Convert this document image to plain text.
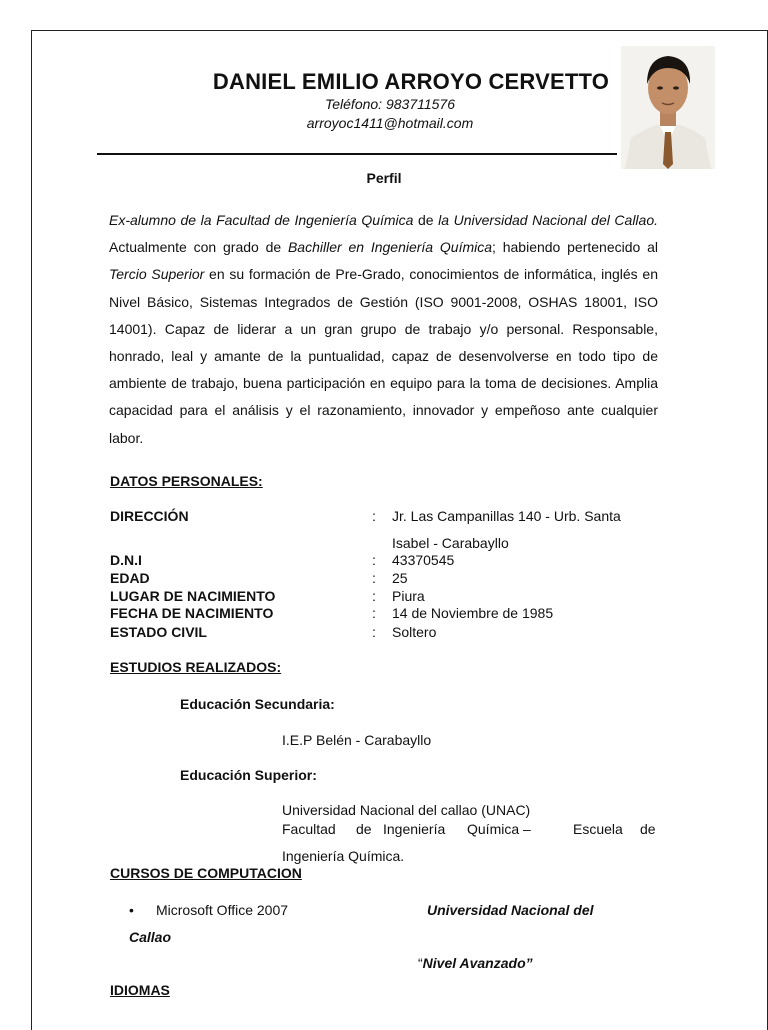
DANIEL EMILIO ARROYO CERVETTO
Teléfono: 983711576
arroyoc1411@hotmail.com
Perfil
Ex-alumno de la Facultad de Ingeniería Química de la Universidad Nacional del Callao. Actualmente con grado de Bachiller en Ingeniería Química; habiendo pertenecido al Tercio Superior en su formación de Pre-Grado, conocimientos de informática, inglés en Nivel Básico, Sistemas Integrados de Gestión (ISO 9001-2008, OSHAS 18001, ISO 14001). Capaz de liderar a un gran grupo de trabajo y/o personal. Responsable, honrado, leal y amante de la puntualidad, capaz de desenvolverse en todo tipo de ambiente de trabajo, buena participación en equipo para la toma de decisiones. Amplia capacidad para el análisis y el razonamiento, innovador y empeñoso ante cualquier labor.
DATOS PERSONALES:
DIRECCIÓN	: Jr. Las Campanillas 140 - Urb. Santa
Isabel - Carabayllo
D.N.I	: 43370545
EDAD	: 25
LUGAR DE NACIMIENTO	: Piura
FECHA DE NACIMIENTO	: 14 de Noviembre de 1985
ESTADO CIVIL	: Soltero
ESTUDIOS REALIZADOS:
Educación Secundaria:
I.E.P Belén - Carabayllo
Educación Superior:
Universidad Nacional del callao (UNAC)
Facultad de Ingeniería Química –	Escuela de
Ingeniería Química.
CURSOS DE COMPUTACION
• Microsoft Office 2007	Universidad Nacional del
Callao
“Nivel Avanzado”
IDIOMAS
